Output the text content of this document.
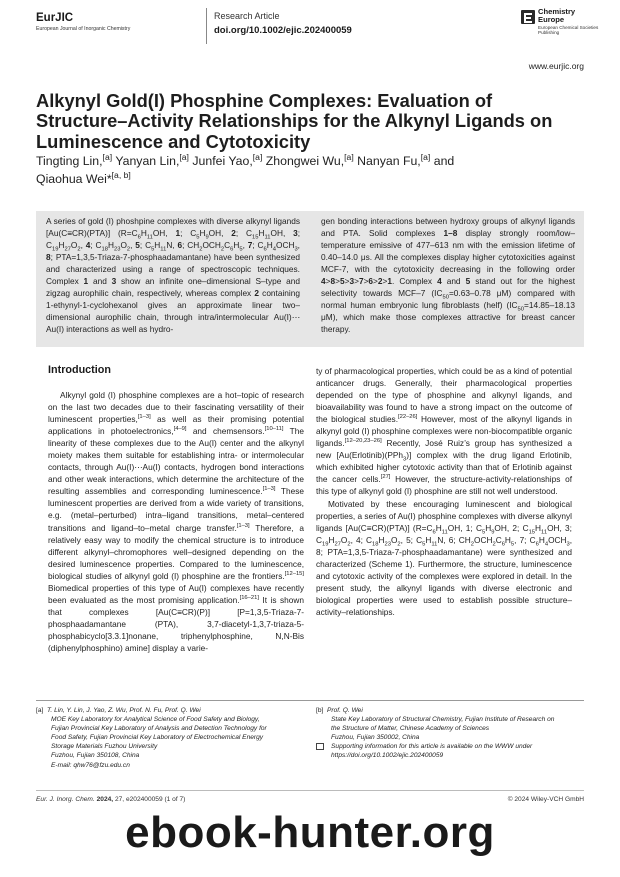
EurJIC
European Journal of Inorganic Chemistry
Research Article
doi.org/10.1002/ejic.202400059
Chemistry
Europe
European Chemical Societies Publishing
www.eurjic.org
Alkynyl Gold(I) Phosphine Complexes: Evaluation of Structure–Activity Relationships for the Alkynyl Ligands on Luminescence and Cytotoxicity
Tingting Lin,[a] Yanyan Lin,[a] Junfei Yao,[a] Zhongwei Wu,[a] Nanyan Fu,[a] and
Qiaohua Wei*[a, b]
A series of gold (I) phoshpine complexes with diverse alkynyl ligands [Au(C≡CR)(PTA)] ($R=C_6H_{11}OH$, 1; $C_5H_9OH$, 2; $C_{15}H_{11}OH$, 3; $C_{19}H_{27}O_2$, 4; $C_{18}H_{23}O_2$, 5; $C_5H_{11}N$, 6; $CH_2OCH_2C_6H_5$, 7; $C_6H_4OCH_3$, 8; PTA=1,3,5-Triaza-7-phosphaadamantane) have been synthesized and characterized using a range of spectroscopic techniques. Complex 1 and 3 show an infinite one–dimensional S–type and zigzag aurophilic chain, respectively, whereas complex 2 containing 1-ethynyl-1-cyclohexanol gives an approximate linear two–dimensional aurophilic chain, through intra/intermolecular Au(I)⋯Au(I) interactions as well as hydro-
gen bonding interactions between hydroxy groups of alkynyl ligands and PTA. Solid complexes 1–8 display strongly room/low–temperature emissive of 477–613 nm with the emission lifetime of 0.40–14.0 μs. All the complexes display higher cytotoxicities against MCF-7, with the cytotoxicity decreasing in the following order 4>8>5>3>7>6>2>1. Complex 4 and 5 stand out for the highest selectivity towards MCF–7 ($IC_{50}=0.63-0.78$ μM) compared with normal human embryonic lung fibroblasts (helf) ($IC_{50}=14.85-18.13$ μM), which make those complexes attractive for breast cancer therapy.
Introduction

Alkynyl gold (I) phosphine complexes are a hot–topic of research on the last two decades due to their fascinating versatility of their luminescent properties,[1–3] as well as their promising potential applications in photoelectronics,[4–9] and chemsensors.[10–11] The linearity of these complexes due to the Au(I) center and the alkynyl moiety makes them suitable for establishing intra- or intermolecular contacts, through Au(I)⋯Au(I) contacts, hydrogen bond interactions and other weak interactions, which determine the architecture of the resulting assemblies and corresponding luminescence.[1–3] These luminescent properties are derived from a wide variety of transitions, e.g. (metal–perturbed) intra–ligand transitions, metal–centered transitions and ligand–to–metal charge transfer.[1–3] Therefore, a relatively easy way to modify the chemical structure is to introduce different alkynyl–chromophores well–designed depending on the desired luminescence properties. Compared to the luminescence, biological studies of alkynyl gold (I) phosphine are the frontiers.[12–15] Biomedical properties of this type of Au(I) complexes have recently been evaluated as the most promising application.[16–21] It is shown that complexes [Au(C≡CR)(P)] [P=1,3,5-Triaza-7-phosphaadamantane (PTA), 3,7-diacetyl-1,3,7-triaza-5-phosphabicyclo[3.3.1]nonane, triphenylphosphine, N,N-Bis (diphenylphosphino) amine] display a varie-

ty of pharmacological properties, which could be as a kind of potential anticancer drugs. Generally, their pharmacological properties depended on the type of phosphine and alkynyl ligands, and bioavailability was found to have a strong impact on the outcome of the biological studies.[22–26] However, most of the alkynyl ligands in alkynyl gold (I) phosphine complexes were non-biocompatible organic ligands.[12–20,23–26] Recently, José Ruiz’s group has synthesized a new [Au(Erlotinib)(PPh$_3$)] complex with the drug ligand Erlotinib, which exhibited higher cytotoxic activity than that of Erlotinib against the cancer cells.[27] However, the structure-activity-relationships of this type of alkynyl gold (I) phosphine are still not well understood.

Motivated by these encouraging luminescent and biological properties, a series of Au(I) phosphine complexes with diverse alkynyl ligands [Au(C≡CR)(PTA)] ($R=C_6H_{11}OH$, 1; $C_5H_9OH$, 2; $C_{15}H_{11}OH$, 3; $C_{19}H_{27}O_2$, 4; $C_{18}H_{23}O_2$, 5; $C_5H_{11}N$, 6; $CH_2OCH_2C_6H_5$, 7; $C_6H_4OCH_3$, 8; PTA=1,3,5-Triaza-7-phosphaadamantane) were synthesized and characterized (Scheme 1). Furthermore, the structure, luminescence and cytotoxic activity of the complexes were explored in detail. In the present study, the alkynyl ligands with diverse electronic and biological properties were used to establish possible structure–activity–relationships.

[a] T. Lin, Y. Lin, J. Yao, Z. Wu, Prof. N. Fu, Prof. Q. Wei
MOE Key Laboratory for Analytical Science of Food Safety and Biology,
Fujian Provincial Key Laboratory of Analysis and Detection Technology for
Food Safety, Fujian Provincial Key Laboratory of Electrochemical Energy
Storage Materials Fuzhou University
Fuzhou, Fujian 350108, China
E-mail: qhw76@fzu.edu.cn
[b] Prof. Q. Wei
State Key Laboratory of Structural Chemistry, Fujian Institute of Research on
the Structure of Matter, Chinese Academy of Sciences
Fuzhou, Fujian 350002, China
Supporting information for this article is available on the WWW under
https://doi.org/10.1002/ejic.202400059
Eur. J. Inorg. Chem. 2024, 27, e202400059 (1 of 7)	© 2024 Wiley-VCH GmbH
ebook-hunter.org
